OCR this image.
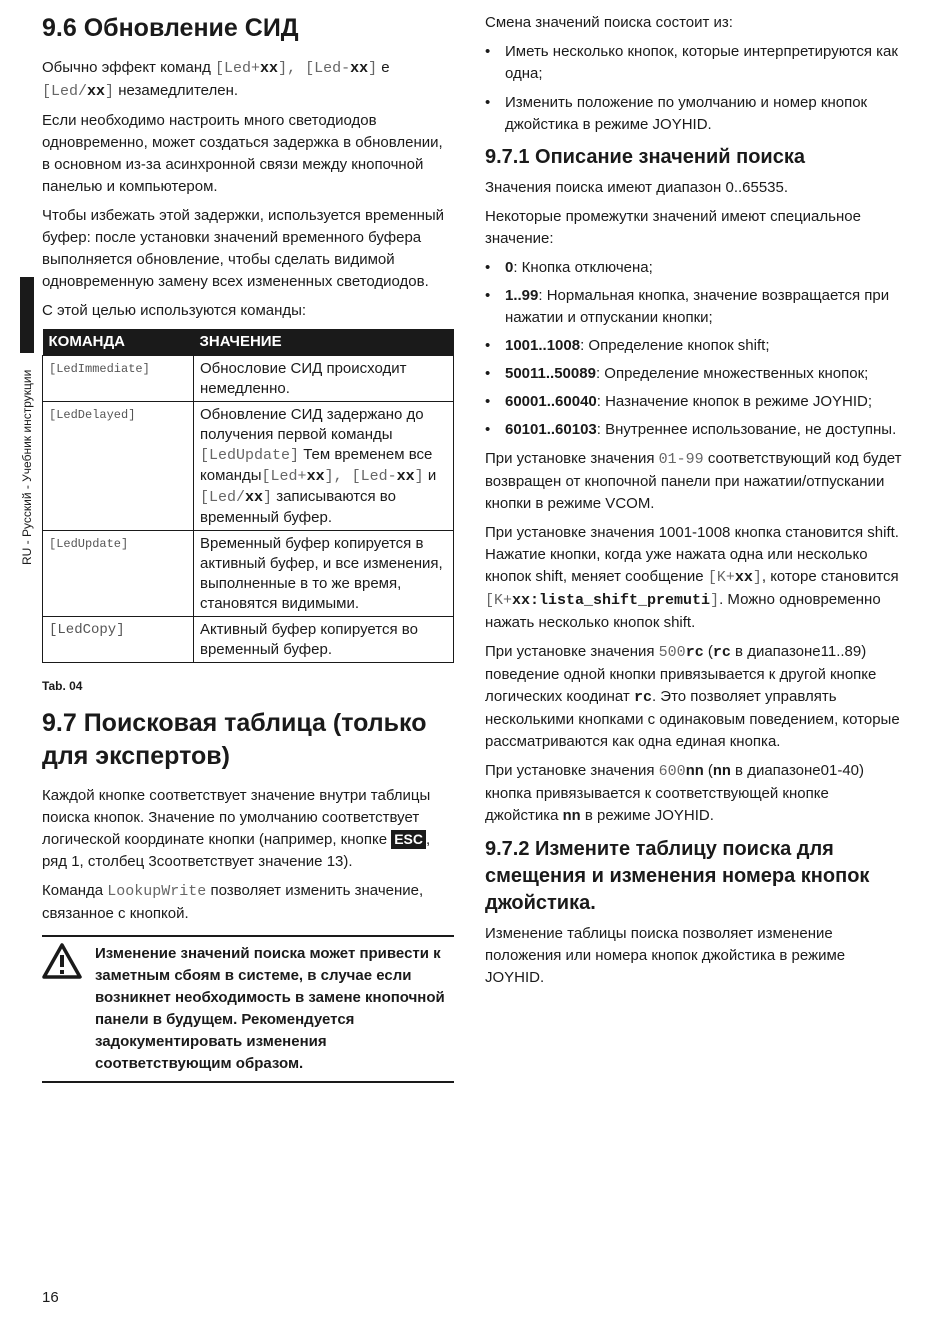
RU - Русский - Учебник инструкции
9.6 Обновление СИД

Обычно эффект команд [Led+xx], [Led-xx] e [Led/xx] незамедлителен.

Если необходимо настроить много светодиодов одновременно, может создаться задержка в обновлении, в основном из-за асинхронной связи между кнопочной панелью и компьютером.

Чтобы избежать этой задержки, используется временный буфер: после установки значений временного буфера выполняется обновление, чтобы сделать видимой одновременную замену всех измененных светодиодов.

С этой целью используются команды:

КОМАНДА	ЗНАЧЕНИЕ
[LedImmediate]	Обнословие СИД происходит немедленно.
[LedDelayed]	Обновление СИД задержано до получения первой команды [LedUpdate] Тем временем все команды[Led+xx], [Led-xx] и [Led/xx] записываются во временный буфер.
[LedUpdate]	Временный буфер копируется в активный буфер, и все изменения, выполненные в то же время, становятся видимыми.
[LedCopy]	Активный буфер копируется во временный буфер.
Tab. 04
9.7 Поисковая таблица (только для экспертов)

Каждой кнопке соответствует значение внутри таблицы поиска кнопок. Значение по умолчанию соответствует логической координате кнопки (например, кнопке ESC , ряд 1, столбец 3соответствует значение 13).

Команда LookupWrite позволяет изменить значение, связанное с кнопкой.

Изменение значений поиска может привести к заметным сбоям в системе, в случае если возникнет необходимость в замене кнопочной панели в будущем. Рекомендуется задокументировать изменения соответствующим образом.

Смена значений поиска состоит из:

• Иметь несколько кнопок, которые интерпретируются как одна;
• Изменить положение по умолчанию и номер кнопок джойстика в режиме JOYHID.
9.7.1 Описание значений поиска

Значения поиска имеют диапазон 0..65535.

Некоторые промежутки значений имеют специальное значение:

• 0: Кнопка отключена;
• 1..99: Нормальная кнопка, значение возвращается при нажатии и отпускании кнопки;
• 1001..1008: Определение кнопок shift;
• 50011..50089: Определение множественных кнопок;
• 60001..60040: Назначение кнопок в режиме JOYHID;
• 60101..60103: Внутреннее использование, не доступны.

При установке значения 01-99 соответствующий код будет возвращен от кнопочной панели при нажатии/отпускании кнопки в режиме VCOM.

При установке значения 1001-1008 кнопка становится shift. Нажатие кнопки, когда уже нажата одна или несколько кнопок shift, меняет сообщение [K+xx], которе становится [K+xx:lista_shift_premuti]. Можно одновременно нажать несколько кнопок shift.

При установке значения 500rc (rc в диапазоне11..89) поведение одной кнопки привязывается к другой кнопке логических коодинат rc. Это позволяет управлять несколькими кнопками с одинаковым поведением, которые рассматриваются как одна единая кнопка.

При установке значения 600nn (nn в диапазоне01-40) кнопка привязывается к соответствующей кнопке джойстика nn в режиме JOYHID.

9.7.2 Измените таблицу поиска для смещения и изменения номера кнопок джойстика.

Изменение таблицы поиска позволяет изменение положения или номера кнопок джойстика в режиме JOYHID.

16
